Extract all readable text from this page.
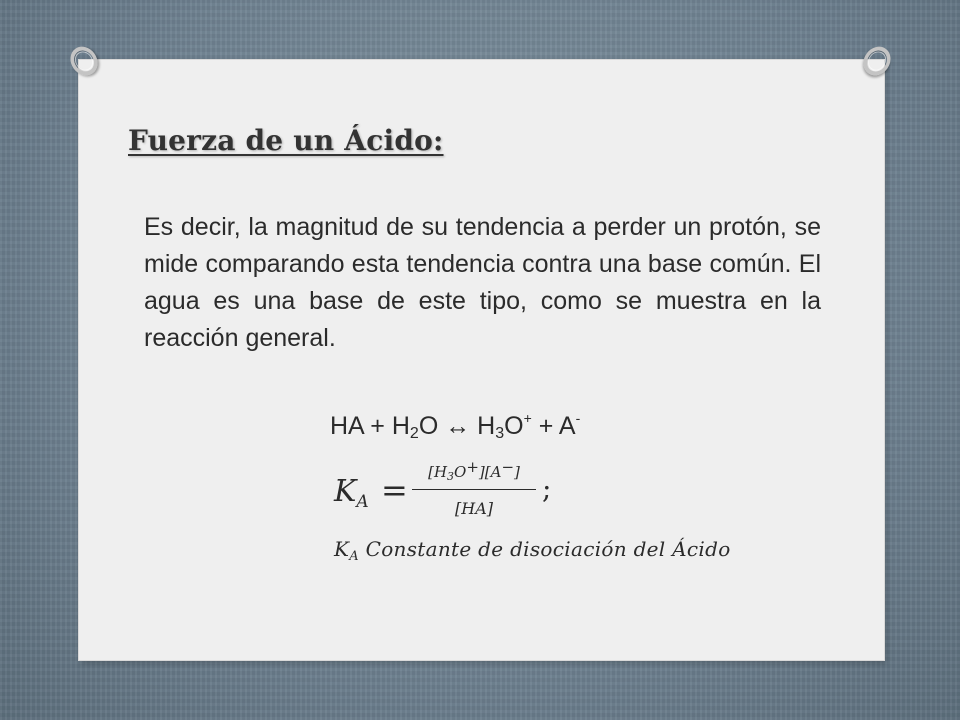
Fuerza de un Ácido:

Es decir, la magnitud de su tendencia a perder un protón, se mide comparando esta tendencia contra una base común. El agua es una base de este tipo, como se muestra en la reacción general.

HA + $H_2O$ ↔ $H_3O^+ + A^-$
$K_A = \frac{[H_3O^+][A^-]}{[HA]}$ ;
$K_A$ Constante de disociación del Ácido
